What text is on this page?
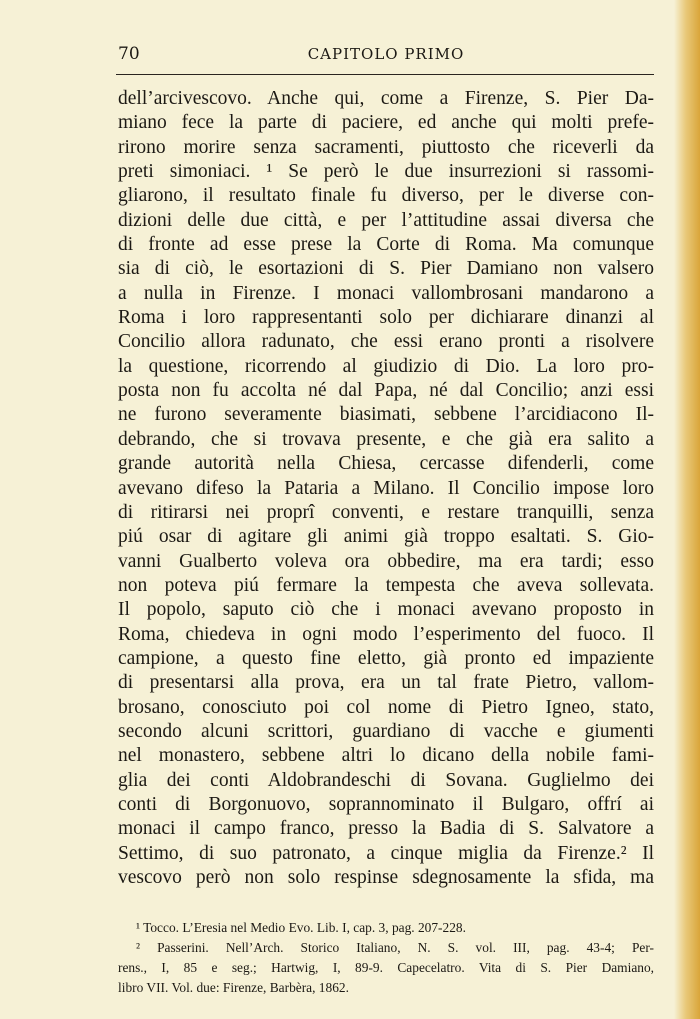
70	CAPITOLO PRIMO
dell’arcivescovo. Anche qui, come a Firenze, S. Pier Da-
miano fece la parte di paciere, ed anche qui molti prefe-
rirono morire senza sacramenti, piuttosto che riceverli da
preti simoniaci. ¹ Se però le due insurrezioni si rassomi-
gliarono, il resultato finale fu diverso, per le diverse con-
dizioni delle due città, e per l’attitudine assai diversa che
di fronte ad esse prese la Corte di Roma. Ma comunque
sia di ciò, le esortazioni di S. Pier Damiano non valsero
a nulla in Firenze. I monaci vallombrosani mandarono a
Roma i loro rappresentanti solo per dichiarare dinanzi al
Concilio allora radunato, che essi erano pronti a risolvere
la questione, ricorrendo al giudizio di Dio. La loro pro-
posta non fu accolta né dal Papa, né dal Concilio; anzi essi
ne furono severamente biasimati, sebbene l’arcidiacono Il-
debrando, che si trovava presente, e che già era salito a
grande autorità nella Chiesa, cercasse difenderli, come
avevano difeso la Pataria a Milano. Il Concilio impose loro
di ritirarsi nei proprî conventi, e restare tranquilli, senza
piú osar di agitare gli animi già troppo esaltati. S. Gio-
vanni Gualberto voleva ora obbedire, ma era tardi; esso
non poteva piú fermare la tempesta che aveva sollevata.
Il popolo, saputo ciò che i monaci avevano proposto in
Roma, chiedeva in ogni modo l’esperimento del fuoco. Il
campione, a questo fine eletto, già pronto ed impaziente
di presentarsi alla prova, era un tal frate Pietro, vallom-
brosano, conosciuto poi col nome di Pietro Igneo, stato,
secondo alcuni scrittori, guardiano di vacche e giumenti
nel monastero, sebbene altri lo dicano della nobile fami-
glia dei conti Aldobrandeschi di Sovana. Guglielmo dei
conti di Borgonuovo, soprannominato il Bulgaro, offrí ai
monaci il campo franco, presso la Badia di S. Salvatore a
Settimo, di suo patronato, a cinque miglia da Firenze.² Il
vescovo però non solo respinse sdegnosamente la sfida, ma
¹ Tocco. L’Eresia nel Medio Evo. Lib. I, cap. 3, pag. 207-228.
² Passerini. Nell’Arch. Storico Italiano, N. S. vol. III, pag. 43-4; Per-
rens., I, 85 e seg.; Hartwig, I, 89-9. Capecelatro. Vita di S. Pier Damiano,
libro VII. Vol. due: Firenze, Barbèra, 1862.
